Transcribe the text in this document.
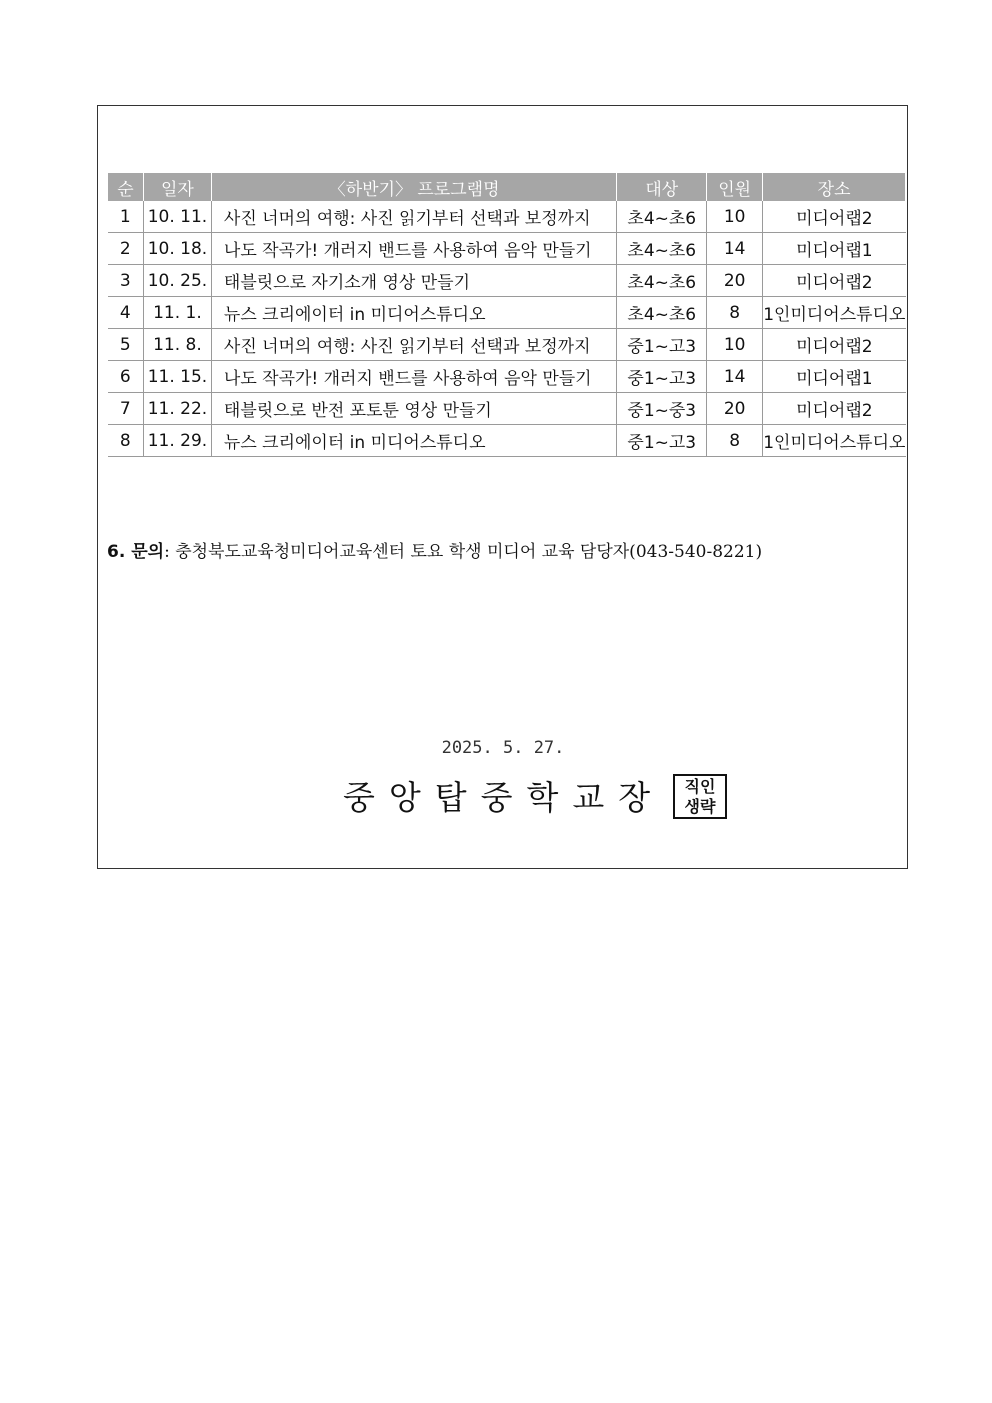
순	일자	〈하반기〉 프로그램명	대상	인원	장소
1	10. 11.	사진 너머의 여행: 사진 읽기부터 선택과 보정까지	초4~초6	10	미디어랩2
2	10. 18.	나도 작곡가! 개러지 밴드를 사용하여 음악 만들기	초4~초6	14	미디어랩1
3	10. 25.	태블릿으로 자기소개 영상 만들기	초4~초6	20	미디어랩2
4	11. 1.	뉴스 크리에이터 in 미디어스튜디오	초4~초6	8	1인미디어스튜디오
5	11. 8.	사진 너머의 여행: 사진 읽기부터 선택과 보정까지	중1~고3	10	미디어랩2
6	11. 15.	나도 작곡가! 개러지 밴드를 사용하여 음악 만들기	중1~고3	14	미디어랩1
7	11. 22.	태블릿으로 반전 포토툰 영상 만들기	중1~중3	20	미디어랩2
8	11. 29.	뉴스 크리에이터 in 미디어스튜디오	중1~고3	8	1인미디어스튜디오
6. 문의: 충청북도교육청미디어교육센터 토요 학생 미디어 교육 담당자(043-540-8221)
2025. 5. 27.
중앙탑중학교장	직인
생략
